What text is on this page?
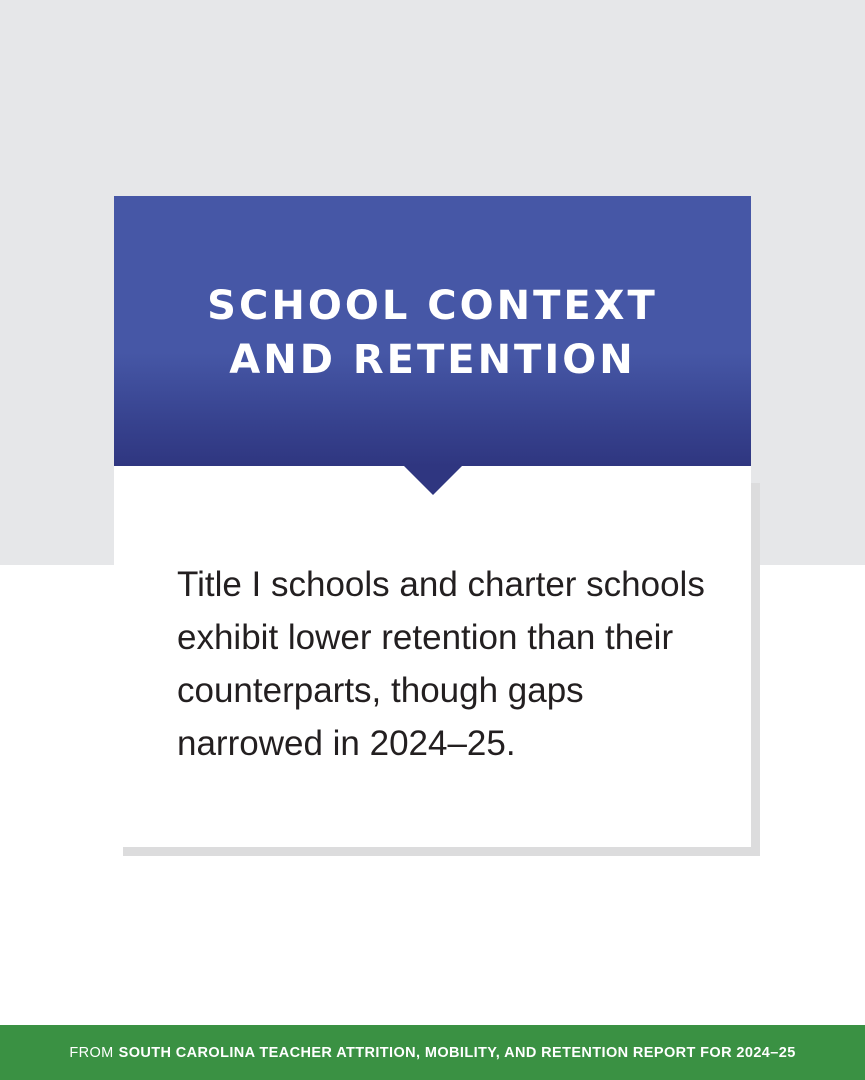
SCHOOL CONTEXT
AND RETENTION

Title I schools and charter schools exhibit lower retention than their counterparts, though gaps narrowed in 2024–25.

FROM SOUTH CAROLINA TEACHER ATTRITION, MOBILITY, AND RETENTION REPORT FOR 2024–25
